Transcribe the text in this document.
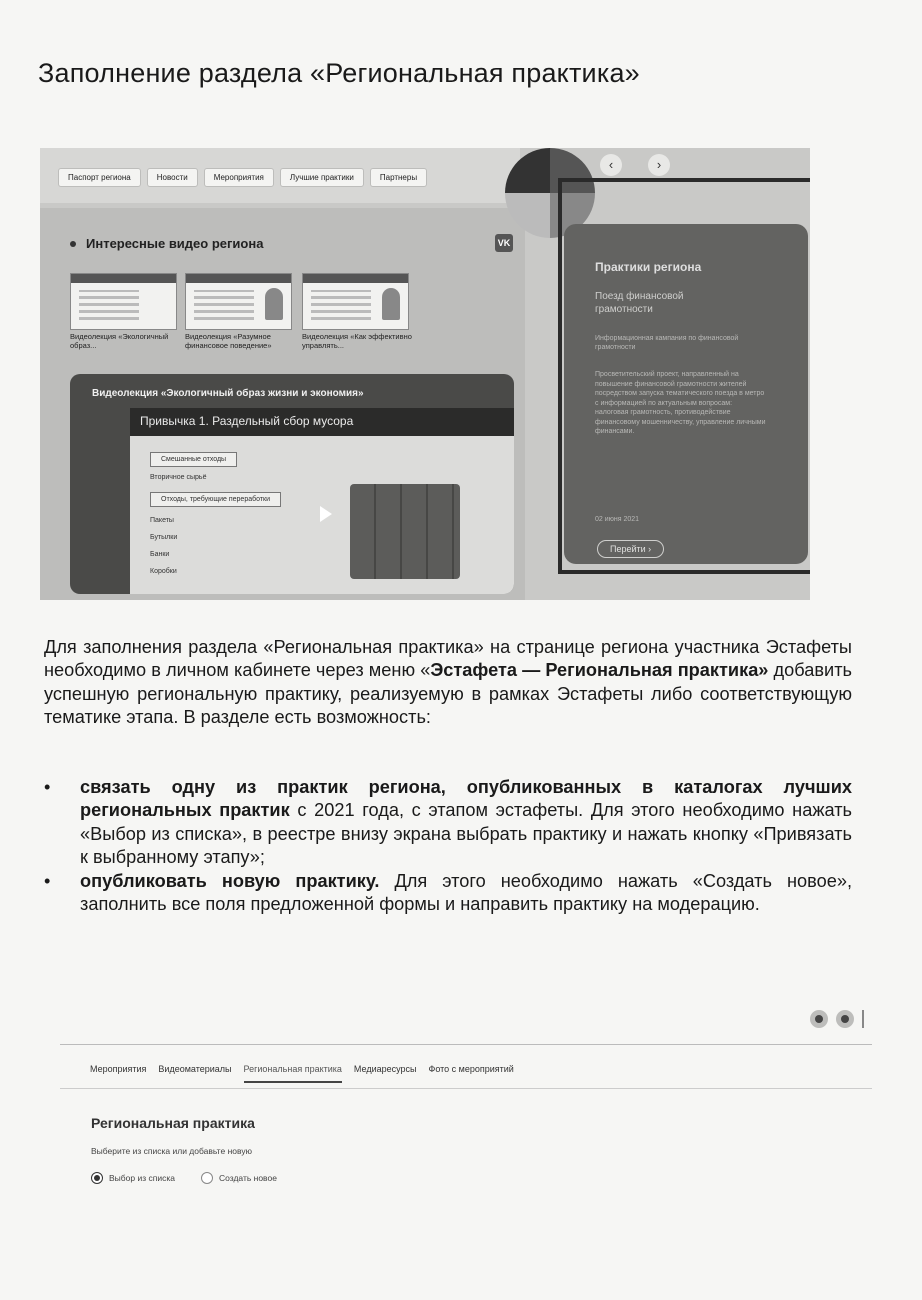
Заполнение раздела «Региональная практика»
Паспорт региона	Новости	Мероприятия	Лучшие практики	Партнеры
Интересные видео региона	VK
Видеолекция «Экологичный образ...
Видеолекция «Разумное финансовое поведение»
Видеолекция «Как эффективно управлять...
Видеолекция «Экологичный образ жизни и экономия»
Привычка 1. Раздельный сбор мусора
Смешанные отходы
Вторичное сырьё
Отходы, требующие переработки
Пакеты
Бутылки
Банки
Коробки
‹	›
Практики региона
Поезд финансовой грамотности
Информационная кампания по финансовой грамотности
Просветительский проект, направленный на повышение финансовой грамотности жителей посредством запуска тематического поезда в метро с информацией по актуальным вопросам: налоговая грамотность, противодействие финансовому мошенничеству, управление личными финансами.
02 июня 2021
Перейти ›

Для заполнения раздела «Региональная практика» на странице региона участника Эстафеты необходимо в личном кабинете через меню «Эстафета — Региональная практика» добавить успешную региональную практику, реализуемую в рамках Эстафеты либо соответствующую тематике этапа. В разделе есть возможность:

• связать одну из практик региона, опубликованных в каталогах лучших региональных практик с 2021 года, с этапом эстафеты. Для этого необходимо нажать «Выбор из списка», в реестре внизу экрана выбрать практику и нажать кнопку «Привязать к выбранному этапу»;
• опубликовать новую практику. Для этого необходимо нажать «Создать новое», заполнить все поля предложенной формы и направить практику на модерацию.
Мероприятия Видеоматериалы Региональная практика Медиаресурсы Фото с мероприятий
Региональная практика
Выберите из списка или добавьте новую
Выбор из списка	Создать новое
